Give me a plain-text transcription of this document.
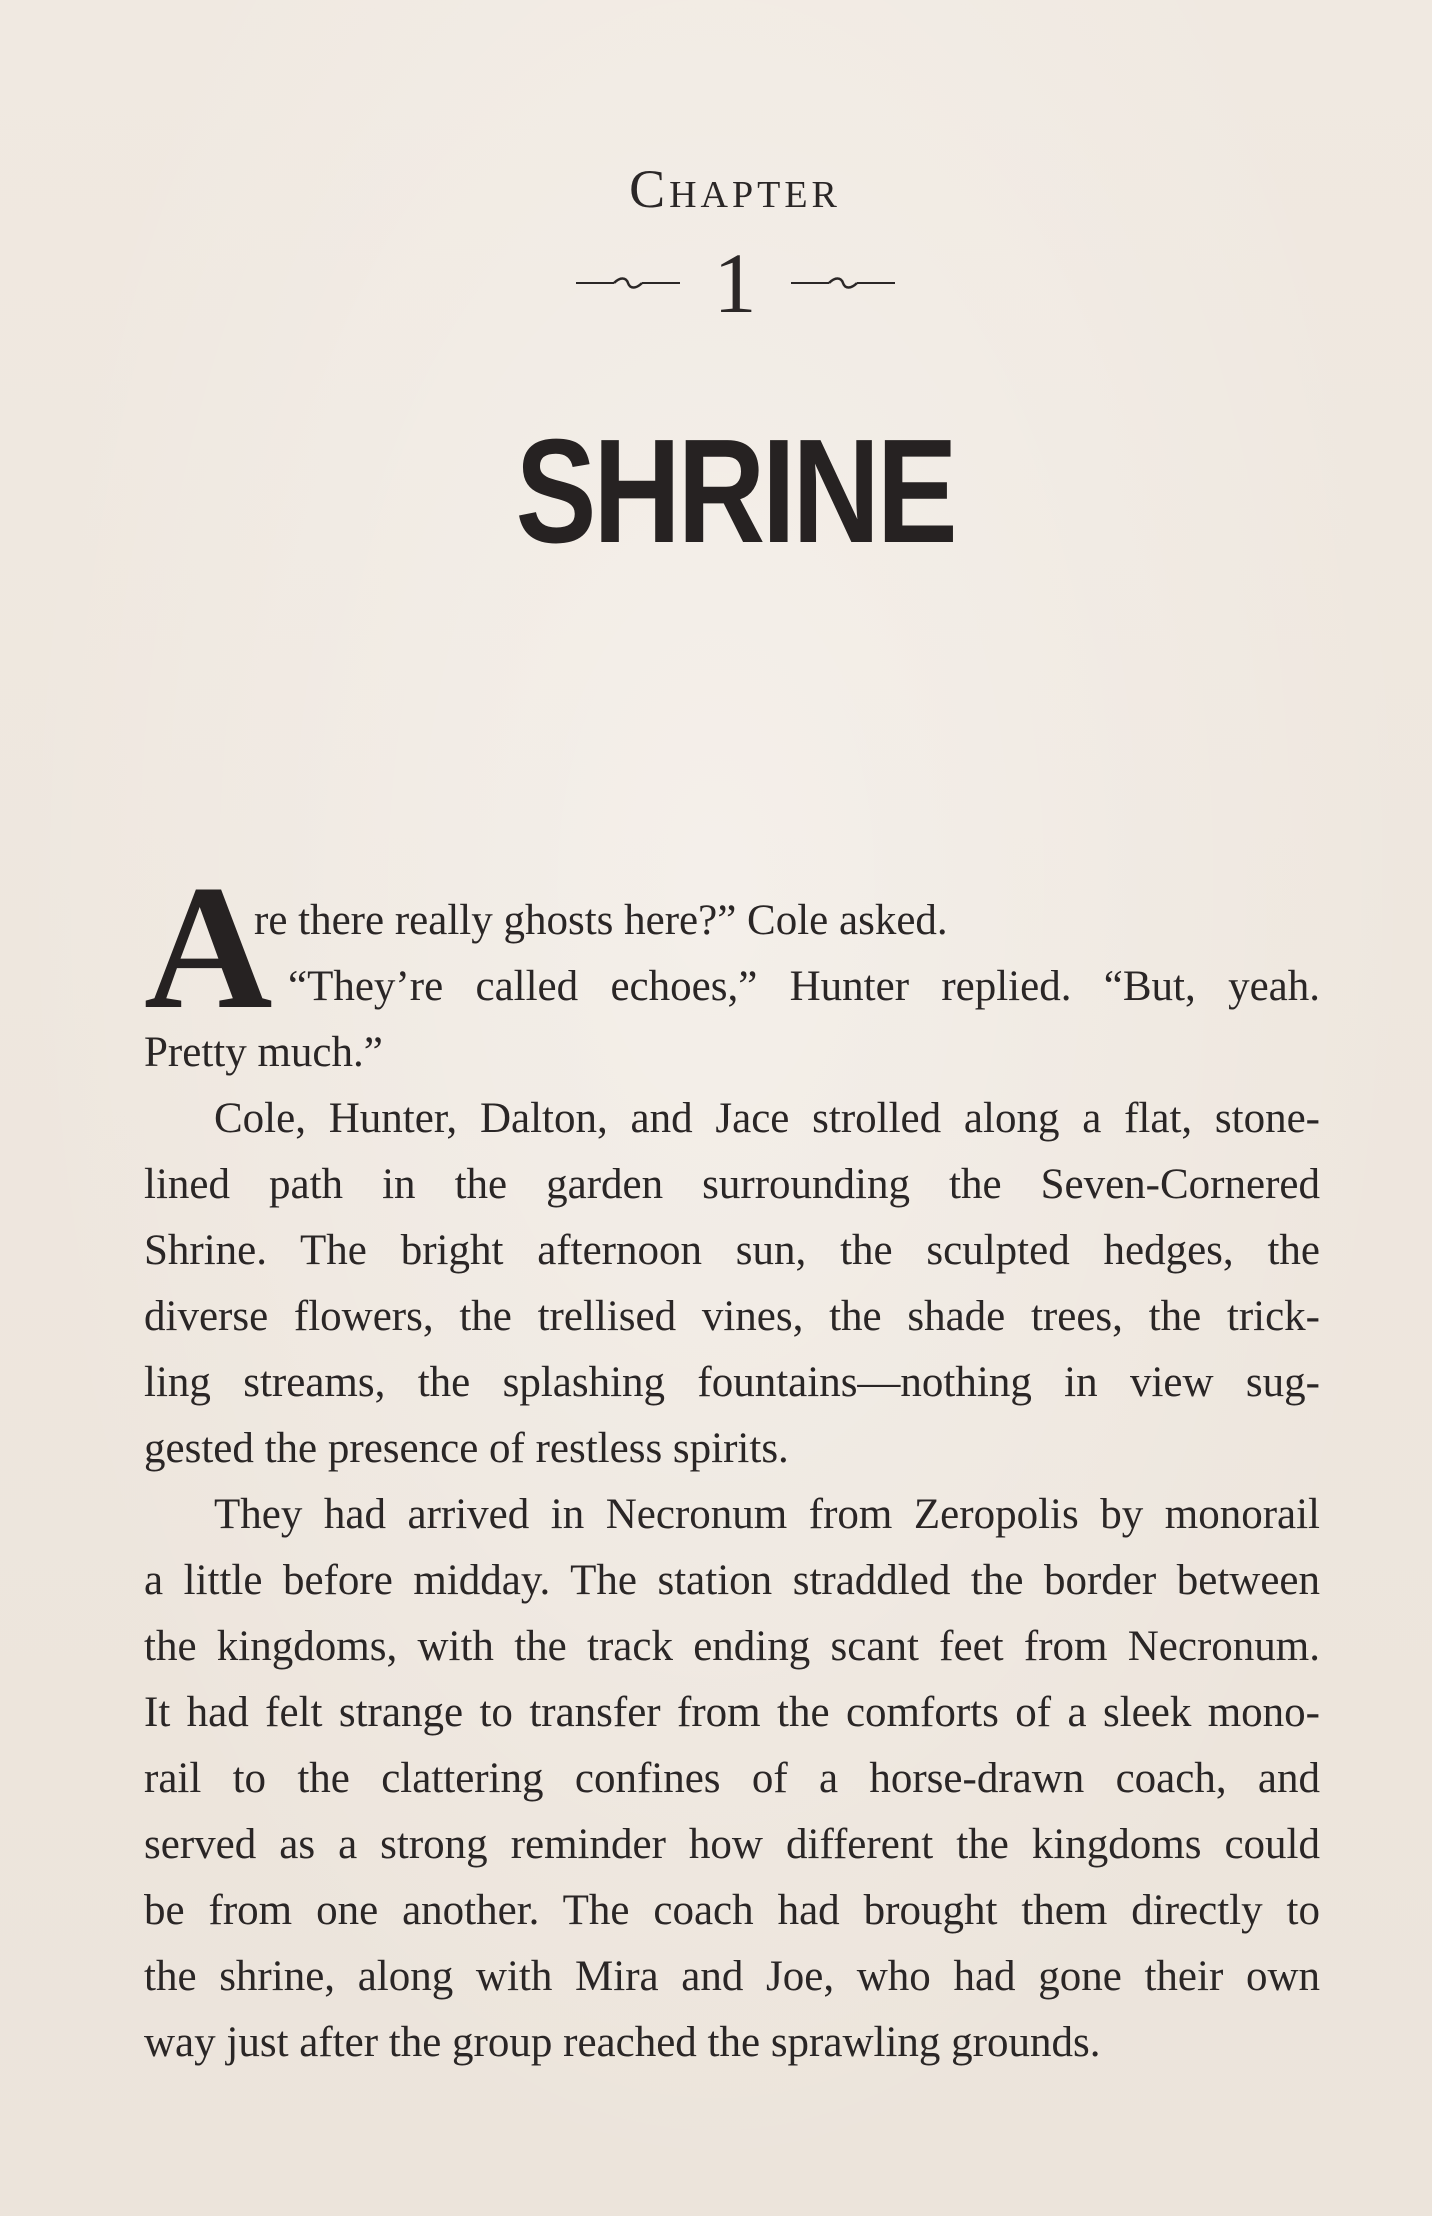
Chapter
1
SHRINE
A
re there really ghosts here?” Cole asked.
“They’re called echoes,” Hunter replied. “But, yeah.
Pretty much.”
Cole, Hunter, Dalton, and Jace strolled along a flat, stone-
lined path in the garden surrounding the Seven-Cornered
Shrine. The bright afternoon sun, the sculpted hedges, the
diverse flowers, the trellised vines, the shade trees, the trick-
ling streams, the splashing fountains—nothing in view sug-
gested the presence of restless spirits.
They had arrived in Necronum from Zeropolis by monorail
a little before midday. The station straddled the border between
the kingdoms, with the track ending scant feet from Necronum.
It had felt strange to transfer from the comforts of a sleek mono-
rail to the clattering confines of a horse-drawn coach, and
served as a strong reminder how different the kingdoms could
be from one another. The coach had brought them directly to
the shrine, along with Mira and Joe, who had gone their own
way just after the group reached the sprawling grounds.
